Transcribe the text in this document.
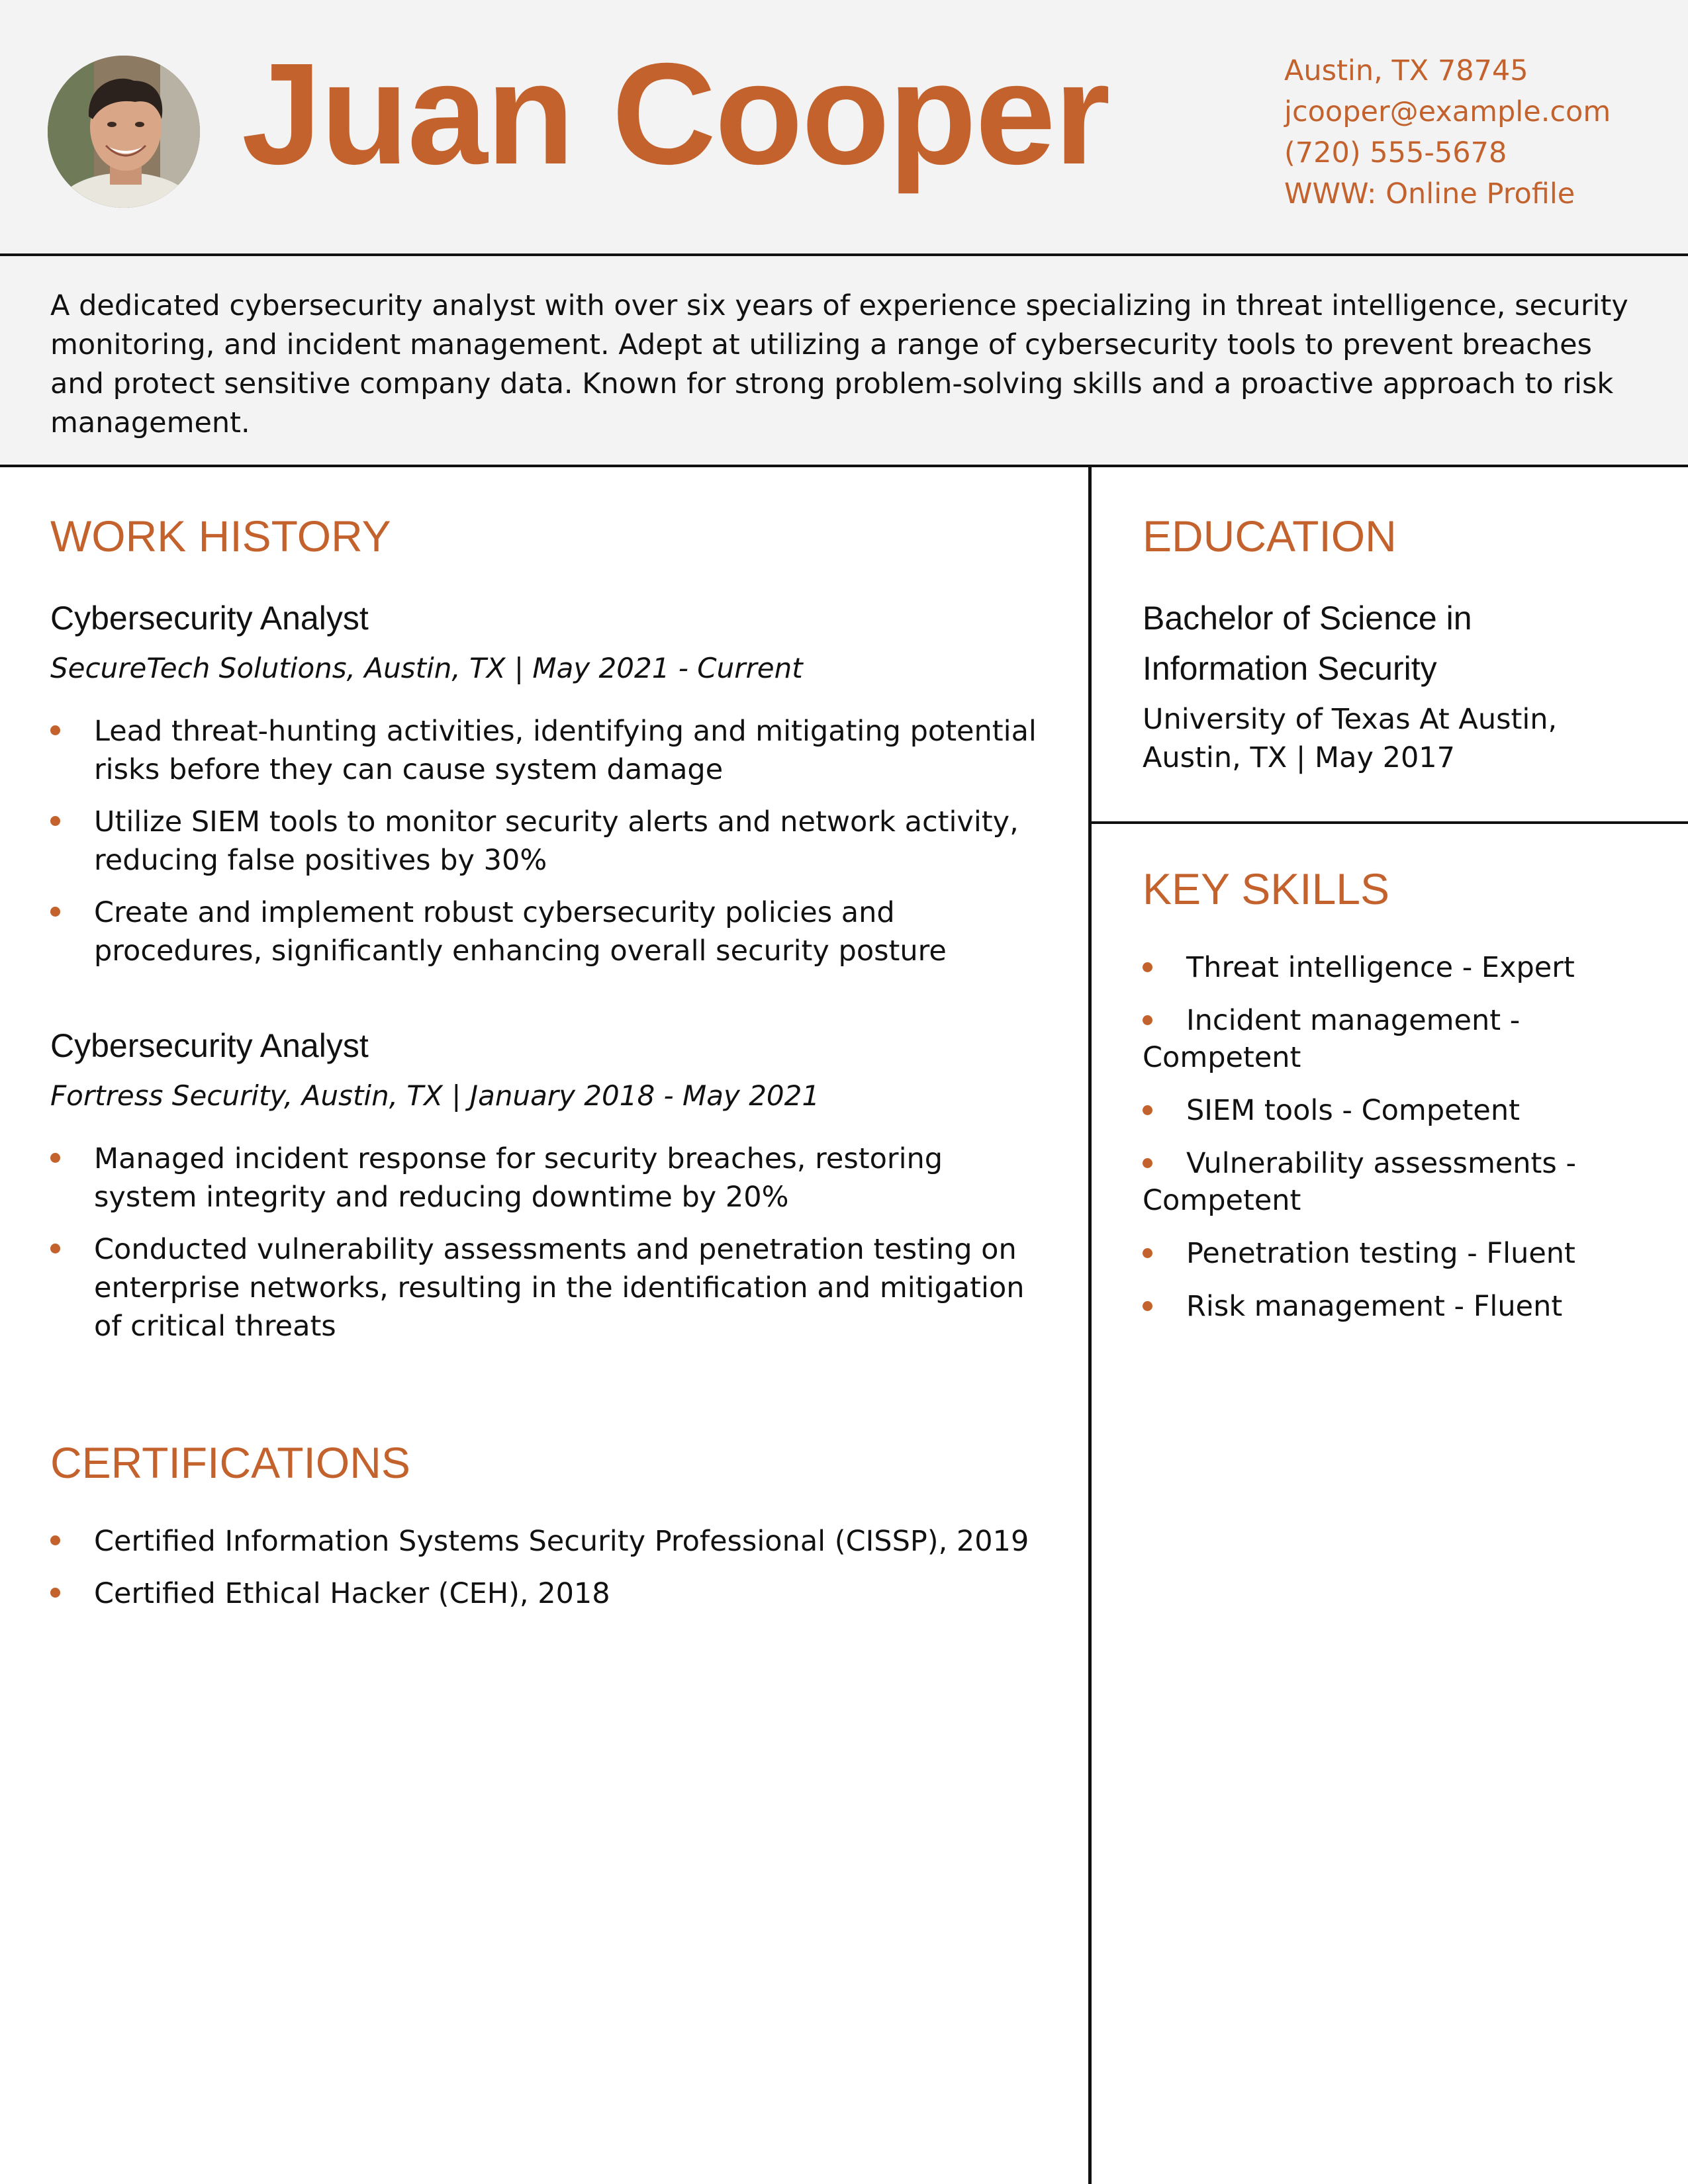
Juan Cooper	Austin, TX 78745
jcooper@example.com
(720) 555-5678
WWW: Online Profile
A dedicated cybersecurity analyst with over six years of experience specializing in threat intelligence, security monitoring, and incident management. Adept at utilizing a range of cybersecurity tools to prevent breaches and protect sensitive company data. Known for strong problem-solving skills and a proactive approach to risk management.
WORK HISTORY
Cybersecurity Analyst
SecureTech Solutions, Austin, TX | May 2021 - Current
Lead threat-hunting activities, identifying and mitigating potential risks before they can cause system damage
Utilize SIEM tools to monitor security alerts and network activity, reducing false positives by 30%
Create and implement robust cybersecurity policies and procedures, significantly enhancing overall security posture
Cybersecurity Analyst
Fortress Security, Austin, TX | January 2018 - May 2021
Managed incident response for security breaches, restoring system integrity and reducing downtime by 20%
Conducted vulnerability assessments and penetration testing on enterprise networks, resulting in the identification and mitigation of critical threats
CERTIFICATIONS
Certified Information Systems Security Professional (CISSP), 2019
Certified Ethical Hacker (CEH), 2018
EDUCATION
Bachelor of Science in
Information Security
University of Texas At Austin,
Austin, TX | May 2017
KEY SKILLS
Threat intelligence - Expert
Incident management - Competent
SIEM tools - Competent
Vulnerability assessments - Competent
Penetration testing - Fluent
Risk management - Fluent
